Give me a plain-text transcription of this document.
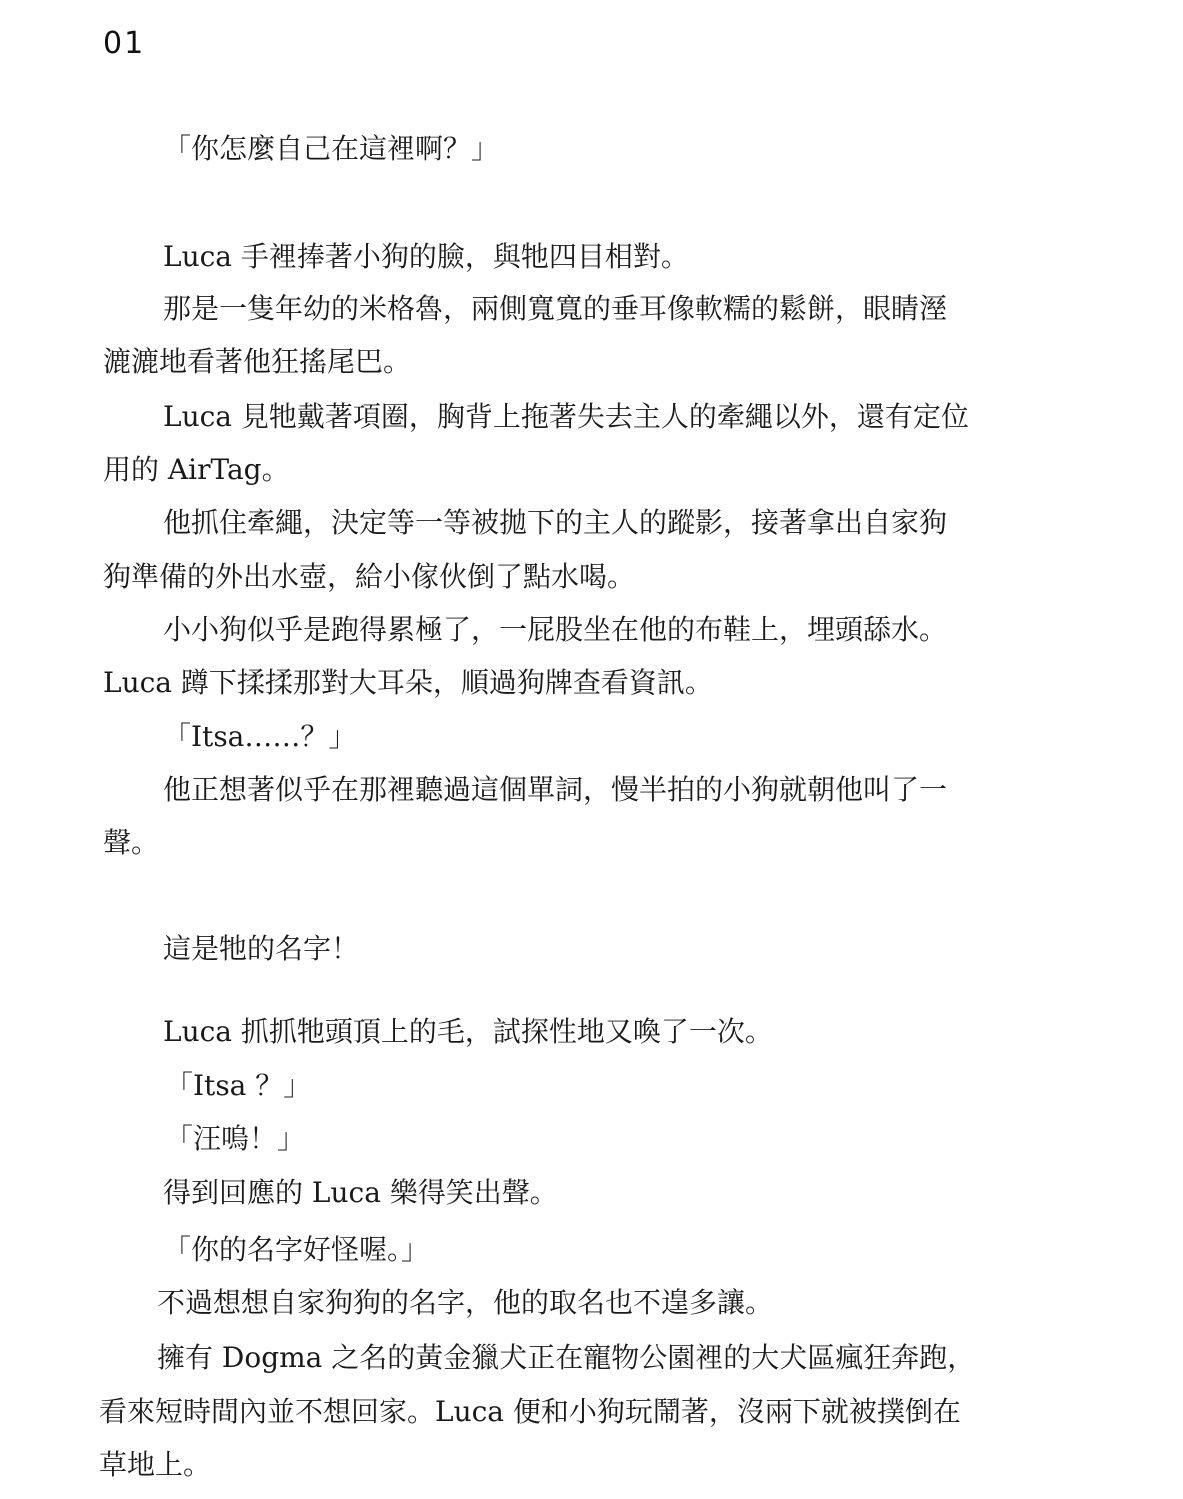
01
「你怎麼自己在這裡啊？」
Luca 手裡捧著小狗的臉，與牠四目相對。
那是一隻年幼的米格魯，兩側寬寬的垂耳像軟糯的鬆餅，眼睛溼
漉漉地看著他狂搖尾巴。
Luca 見牠戴著項圈，胸背上拖著失去主人的牽繩以外，還有定位
用的 AirTag。
他抓住牽繩，決定等一等被拋下的主人的蹤影，接著拿出自家狗
狗準備的外出水壺，給小傢伙倒了點水喝。
小小狗似乎是跑得累極了，一屁股坐在他的布鞋上，埋頭舔水。
Luca 蹲下揉揉那對大耳朵，順過狗牌查看資訊。
「Itsa……？」
他正想著似乎在那裡聽過這個單詞，慢半拍的小狗就朝他叫了一
聲。
這是牠的名字！
Luca 抓抓牠頭頂上的毛，試探性地又喚了一次。
「Itsa ？」
「汪嗚！」
得到回應的 Luca 樂得笑出聲。
「你的名字好怪喔。」
不過想想自家狗狗的名字，他的取名也不遑多讓。
擁有 Dogma 之名的黃金獵犬正在寵物公園裡的大犬區瘋狂奔跑，
看來短時間內並不想回家。Luca 便和小狗玩鬧著，沒兩下就被撲倒在
草地上。
